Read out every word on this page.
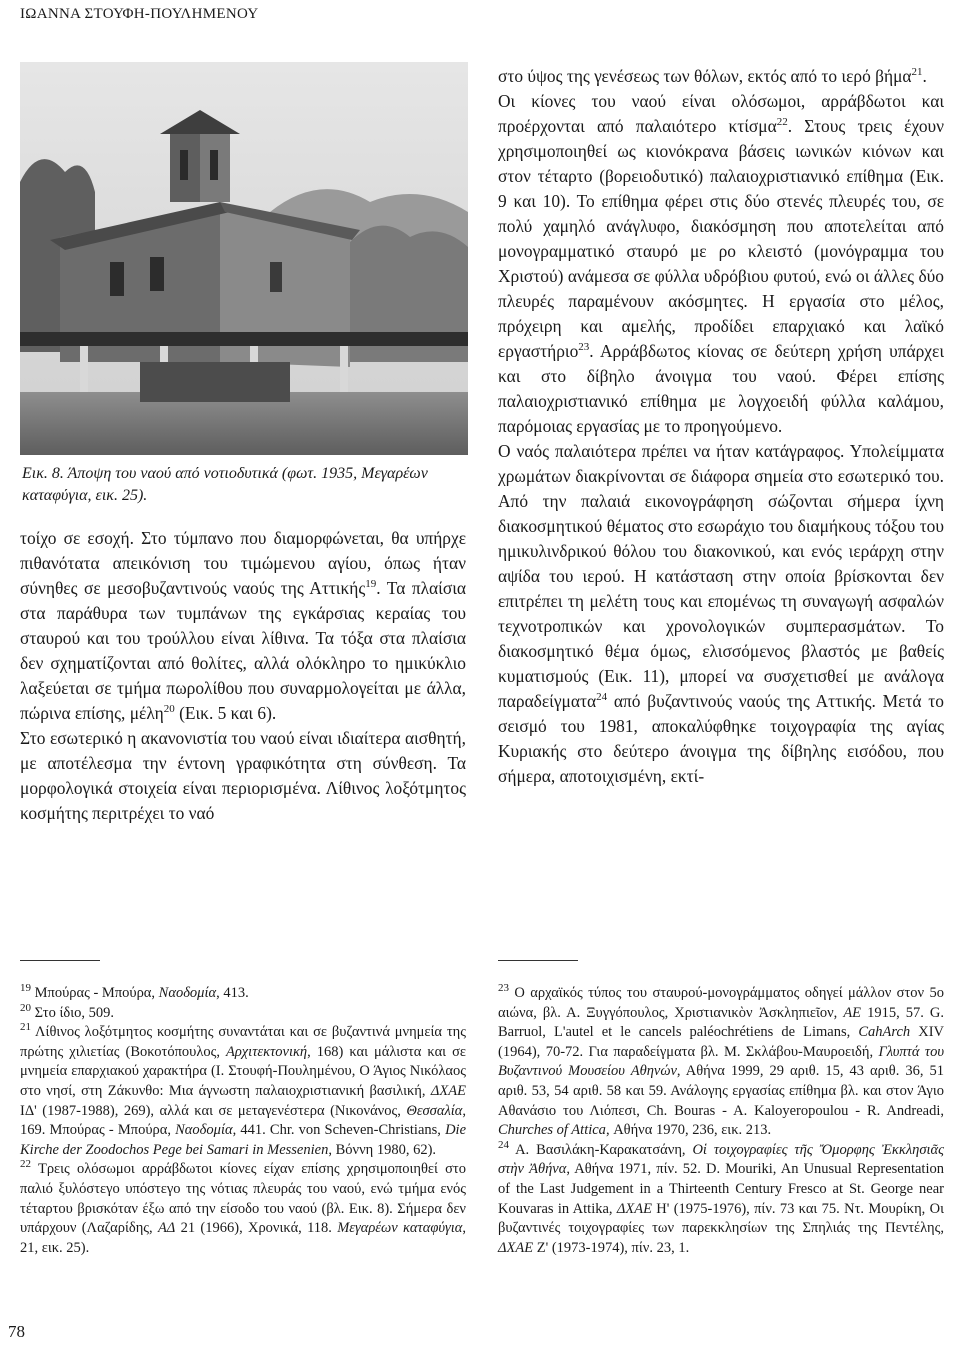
ΙΩΑΝΝΑ ΣΤΟΥΦΗ-ΠΟΥΛΗΜΕΝΟΥ
Εικ. 8. Άποψη του ναού από νοτιοδυτικά (φωτ. 1935, Μεγαρέων καταφύγια, εικ. 25).

τοίχο σε εσοχή. Στο τύμπανο που διαμορφώνεται, θα υπήρχε πιθανότατα απεικόνιση του τιμώμενου αγίου, όπως ήταν σύνηθες σε μεσοβυζαντινούς ναούς της Αττικής$^{19}$. Τα πλαίσια στα παράθυρα των τυμπάνων της εγκάρσιας κεραίας του σταυρού και του τρούλλου είναι λίθινα. Τα τόξα στα πλαίσια δεν σχηματίζονται από θολίτες, αλλά ολόκληρο το ημικύκλιο λαξεύεται σε τμήμα πωρολίθου που συναρμολογείται με άλλα, πώρινα επίσης, μέλη$^{20}$ (Εικ. 5 και 6).

Στο εσωτερικό η ακανονιστία του ναού είναι ιδιαίτερα αισθητή, με αποτέλεσμα την έντονη γραφικότητα στη σύνθεση. Τα μορφολογικά στοιχεία είναι περιορισμένα. Λίθινος λοξότμητος κοσμήτης περιτρέχει το ναό

στο ύψος της γενέσεως των θόλων, εκτός από το ιερό βήμα$^{21}$.

Οι κίονες του ναού είναι ολόσωμοι, αρράβδωτοι και προέρχονται από παλαιότερο κτίσμα$^{22}$. Στους τρεις έχουν χρησιμοποιηθεί ως κιονόκρανα βάσεις ιωνικών κιόνων και στον τέταρτο (βορειοδυτικό) παλαιοχριστιανικό επίθημα (Εικ. 9 και 10). Το επίθημα φέρει στις δύο στενές πλευρές του, σε πολύ χαμηλό ανάγλυφο, διακόσμηση που αποτελείται από μονογραμματικό σταυρό με ρο κλειστό (μονόγραμμα του Χριστού) ανάμεσα σε φύλλα υδρόβιου φυτού, ενώ οι άλλες δύο πλευρές παραμένουν ακόσμητες. Η εργασία στο μέλος, πρόχειρη και αμελής, προδίδει επαρχιακό και λαϊκό εργαστήριο$^{23}$. Αρράβδωτος κίονας σε δεύτερη χρήση υπάρχει και στο δίβηλο άνοιγμα του ναού. Φέρει επίσης παλαιοχριστιανικό επίθημα με λογχοειδή φύλλα καλάμου, παρόμοιας εργασίας με το προηγούμενο.

Ο ναός παλαιότερα πρέπει να ήταν κατάγραφος. Υπολείμματα χρωμάτων διακρίνονται σε διάφορα σημεία στο εσωτερικό του. Από την παλαιά εικονογράφηση σώζονται σήμερα ίχνη διακοσμητικού θέματος στο εσωράχιο του διαμήκους τόξου του ημικυλινδρικού θόλου του διακονικού, και ενός ιεράρχη στην αψίδα του ιερού. Η κατάσταση στην οποία βρίσκονται δεν επιτρέπει τη μελέτη τους και επομένως τη συναγωγή ασφαλών τεχνοτροπικών και χρονολογικών συμπερασμάτων. Το διακοσμητικό θέμα όμως, ελισσόμενος βλαστός με βαθείς κυματισμούς (Εικ. 11), μπορεί να συσχετισθεί με ανάλογα παραδείγματα$^{24}$ από βυζαντινούς ναούς της Αττικής. Μετά το σεισμό του 1981, αποκαλύφθηκε τοιχογραφία της αγίας Κυριακής στο δεύτερο άνοιγμα της δίβηλης εισόδου, που σήμερα, αποτοιχισμένη, εκτί-

$^{19}$ Μπούρας - Μπούρα, Ναοδομία, 413.

$^{20}$ Στο ίδιο, 509.

$^{21}$ Λίθινος λοξότμητος κοσμήτης συναντάται και σε βυζαντινά μνημεία της πρώτης χιλιετίας (Βοκοτόπουλος, Αρχιτεκτονική, 168) και μάλιστα και σε μνημεία επαρχιακού χαρακτήρα (Ι. Στουφή-Πουλημένου, Ο Άγιος Νικόλαος στο νησί, στη Ζάκυνθο: Μια άγνωστη παλαιοχριστιανική βασιλική, ΔΧΑΕ ΙΔ' (1987-1988), 269), αλλά και σε μεταγενέστερα (Νικονάνος, Θεσσαλία, 169. Μπούρας - Μπούρα, Ναοδομία, 441. Chr. von Scheven-Christians, Die Kirche der Zoodochos Pege bei Samari in Messenien, Βόννη 1980, 62).

$^{22}$ Τρεις ολόσωμοι αρράβδωτοι κίονες είχαν επίσης χρησιμοποιηθεί στο παλιό ξυλόστεγο υπόστεγο της νότιας πλευράς του ναού, ενώ τμήμα ενός τέταρτου βρισκόταν έξω από την είσοδο του ναού (βλ. Εικ. 8). Σήμερα δεν υπάρχουν (Λαζαρίδης, ΑΔ 21 (1966), Χρονικά, 118. Μεγαρέων καταφύγια, 21, εικ. 25).

$^{23}$ Ο αρχαϊκός τύπος του σταυρού-μονογράμματος οδηγεί μάλλον στον 5ο αιώνα, βλ. Α. Ξυγγόπουλος, Χριστιανικὸν Ἀσκληπιεῖον, ΑΕ 1915, 57. G. Barruol, L'autel et le cancels paléochrétiens de Limans, CahArch XIV (1964), 70-72. Για παραδείγματα βλ. Μ. Σκλάβου-Μαυροειδή, Γλυπτά του Βυζαντινού Μουσείου Αθηνών, Αθήνα 1999, 29 αριθ. 15, 43 αριθ. 36, 51 αριθ. 53, 54 αριθ. 58 και 59. Ανάλογης εργασίας επίθημα βλ. και στον Άγιο Αθανάσιο του Λιόπεσι, Ch. Bouras - A. Kaloyeropoulou - R. Andreadi, Churches of Attica, Αθήνα 1970, 236, εικ. 213.

$^{24}$ Α. Βασιλάκη-Καρακατσάνη, Οἱ τοιχογραφίες τῆς Ὄμορφης Ἐκκλησιᾶς στὴν Ἀθήνα, Αθήνα 1971, πίν. 52. D. Mouriki, An Unusual Representation of the Last Judgement in a Thirteenth Century Fresco at St. George near Kouvaras in Attika, ΔΧΑΕ Η' (1975-1976), πίν. 73 και 75. Ντ. Μουρίκη, Οι βυζαντινές τοιχογραφίες των παρεκκλησίων της Σπηλιάς της Πεντέλης, ΔΧΑΕ Ζ' (1973-1974), πίν. 23, 1.

78
